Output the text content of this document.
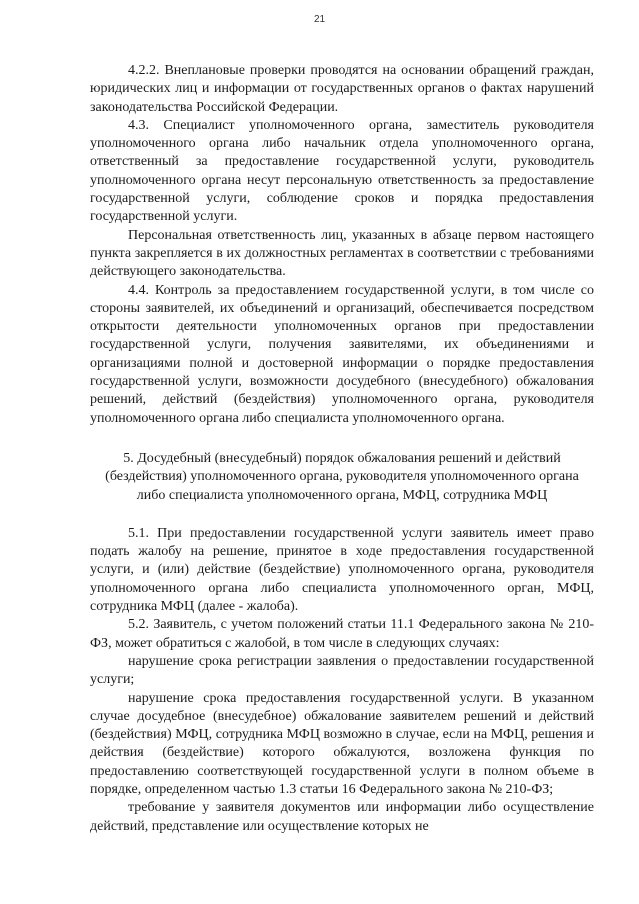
21

4.2.2. Внеплановые проверки проводятся на основании обращений граждан, юридических лиц и информации от государственных органов о фактах нарушений законодательства Российской Федерации.

4.3. Специалист уполномоченного органа, заместитель руководителя уполномоченного органа либо начальник отдела уполномоченного органа, ответственный за предоставление государственной услуги, руководитель уполномоченного органа несут персональную ответственность за предоставление государственной услуги, соблюдение сроков и порядка предоставления государственной услуги.

Персональная ответственность лиц, указанных в абзаце первом настоящего пункта закрепляется в их должностных регламентах в соответствии с требованиями действующего законодательства.

4.4. Контроль за предоставлением государственной услуги, в том числе со стороны заявителей, их объединений и организаций, обеспечивается посредством открытости деятельности уполномоченных органов при предоставлении государственной услуги, получения заявителями, их объединениями и организациями полной и достоверной информации о порядке предоставления государственной услуги, возможности досудебного (внесудебного) обжалования решений, действий (бездействия) уполномоченного органа, руководителя уполномоченного органа либо специалиста уполномоченного органа.

5. Досудебный (внесудебный) порядок обжалования решений и действий (бездействия) уполномоченного органа, руководителя уполномоченного органа либо специалиста уполномоченного органа, МФЦ, сотрудника МФЦ

5.1. При предоставлении государственной услуги заявитель имеет право подать жалобу на решение, принятое в ходе предоставления государственной услуги, и (или) действие (бездействие) уполномоченного органа, руководителя уполномоченного органа либо специалиста уполномоченного орган, МФЦ, сотрудника МФЦ (далее - жалоба).

5.2. Заявитель, с учетом положений статьи 11.1 Федерального закона № 210-ФЗ, может обратиться с жалобой, в том числе в следующих случаях:

нарушение срока регистрации заявления о предоставлении государственной услуги;

нарушение срока предоставления государственной услуги. В указанном случае досудебное (внесудебное) обжалование заявителем решений и действий (бездействия) МФЦ, сотрудника МФЦ возможно в случае, если на МФЦ, решения и действия (бездействие) которого обжалуются, возложена функция по предоставлению соответствующей государственной услуги в полном объеме в порядке, определенном частью 1.3 статьи 16 Федерального закона № 210-ФЗ;

требование у заявителя документов или информации либо осуществление действий, представление или осуществление которых не
